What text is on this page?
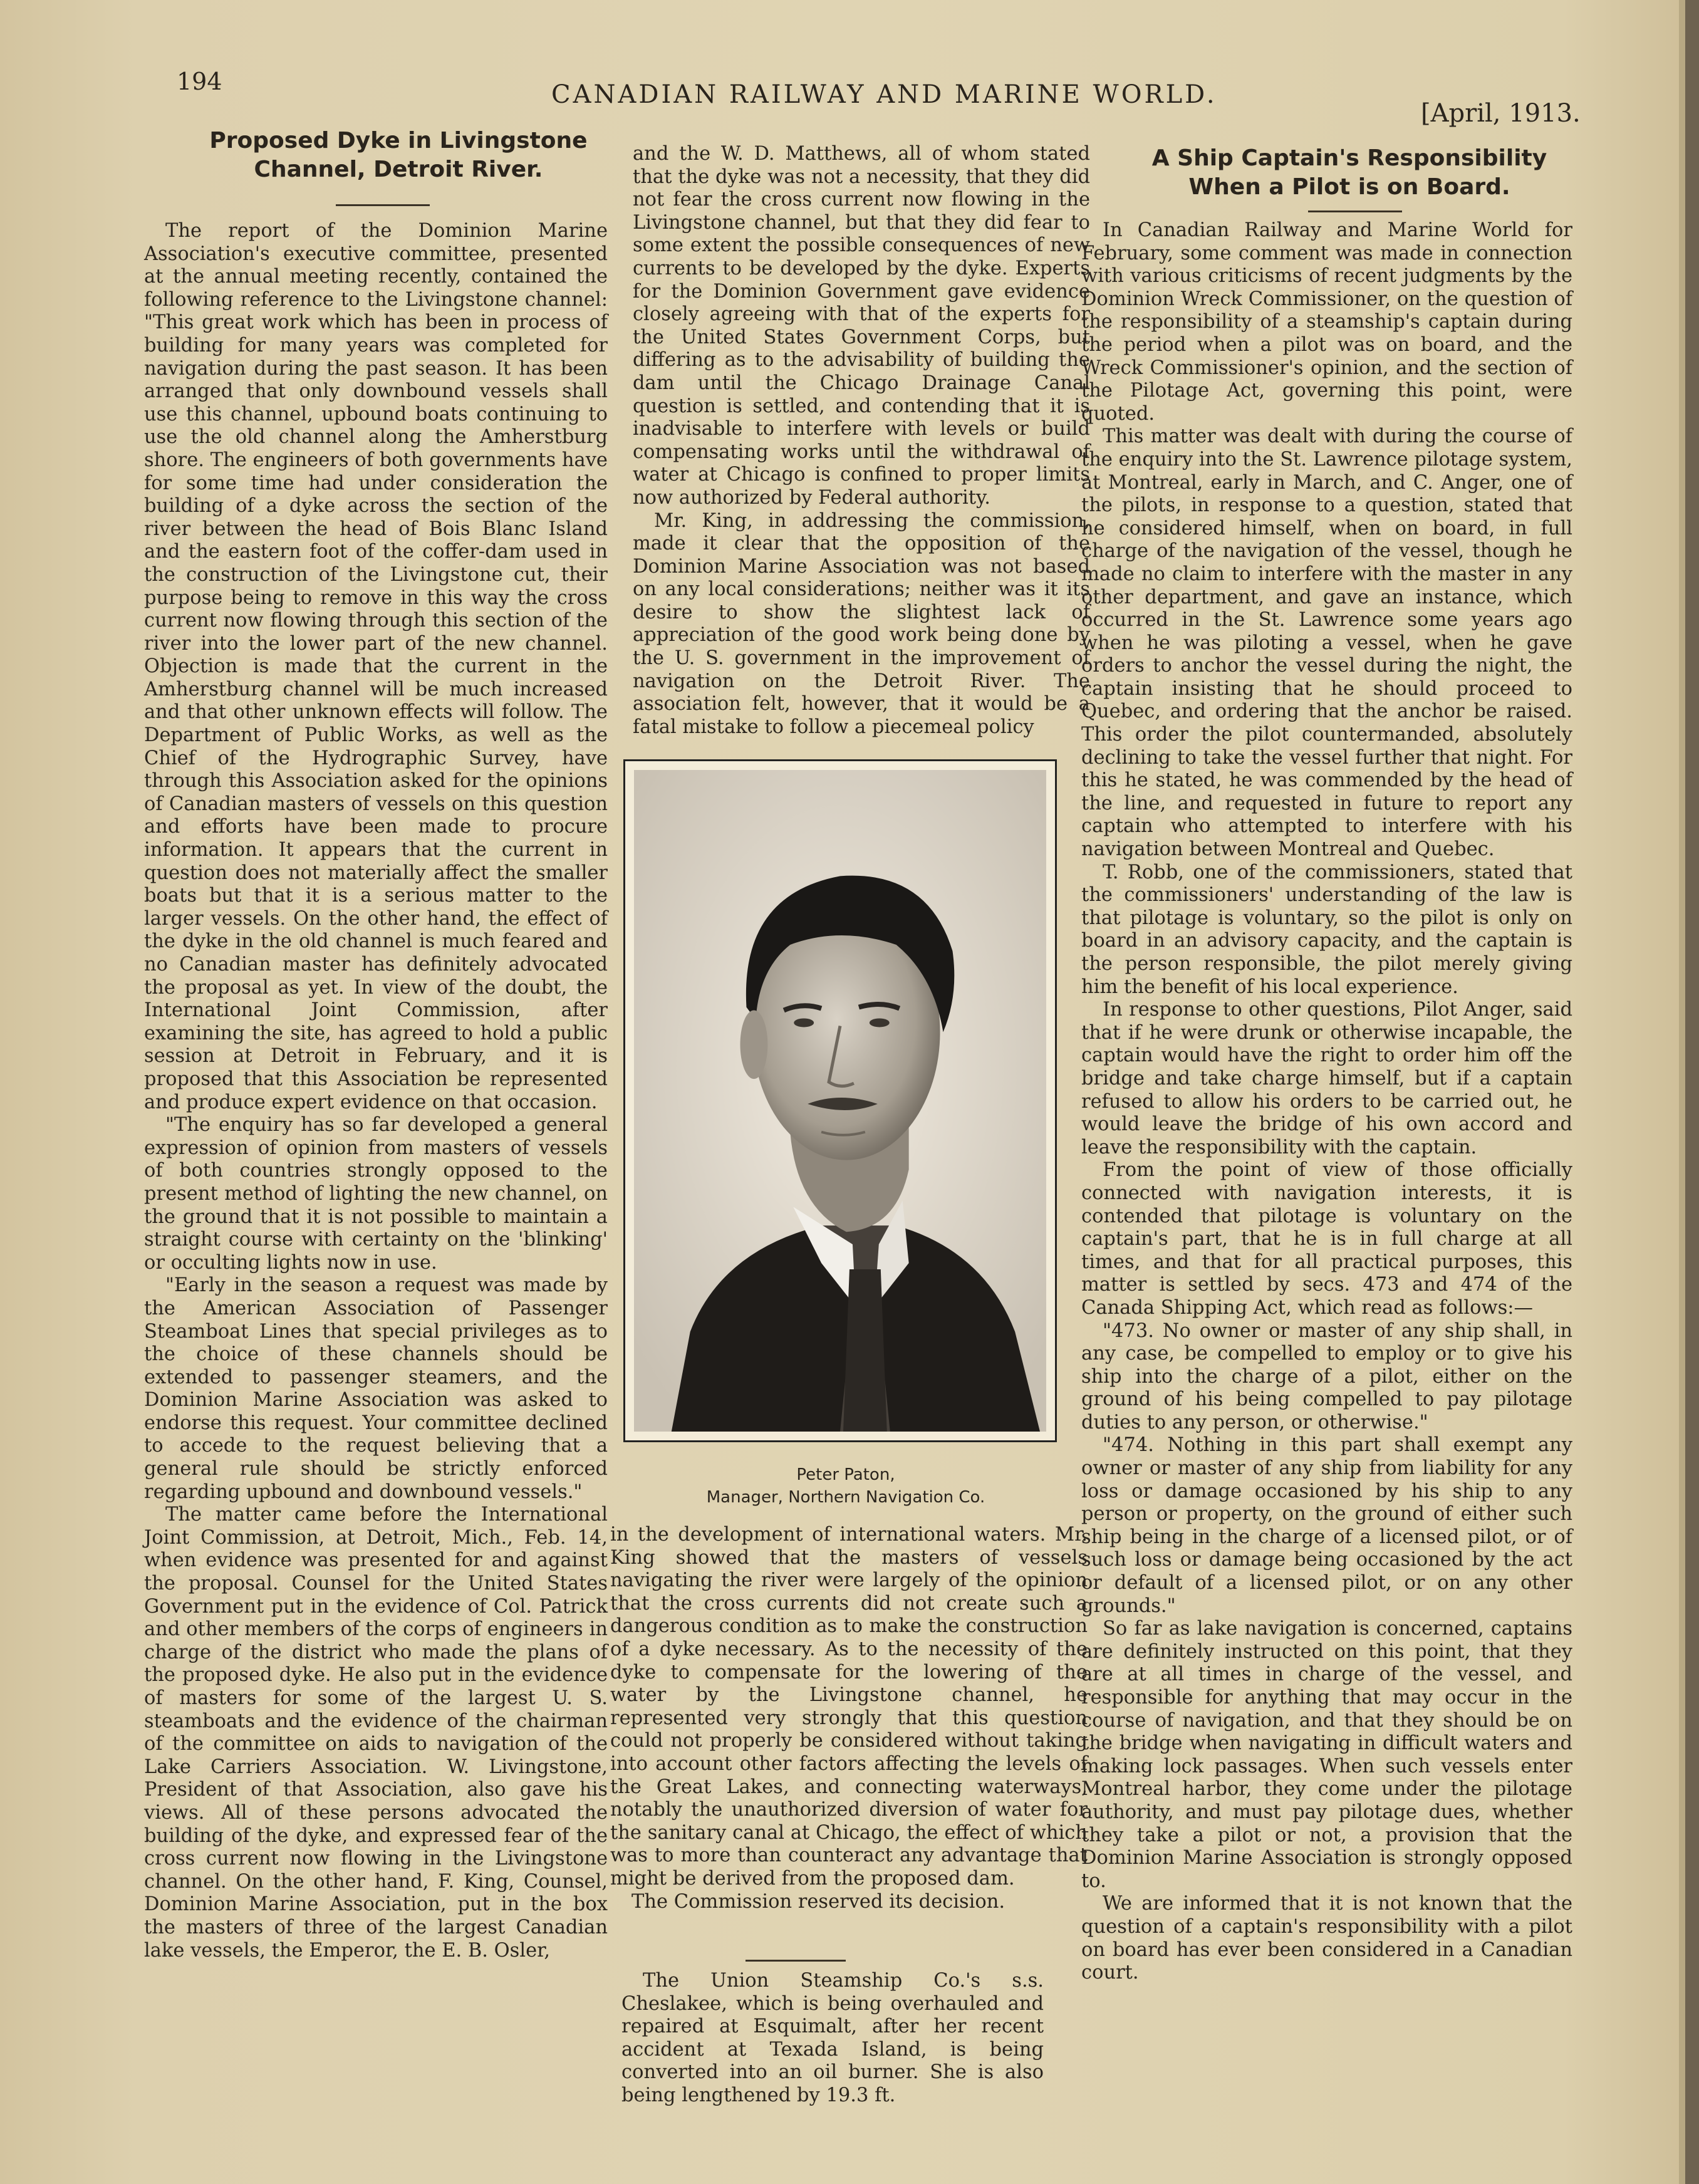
194	CANADIAN RAILWAY AND MARINE WORLD.
[April, 1913.
Proposed Dyke in Livingstone Channel, Detroit River.

The report of the Dominion Marine Association's executive committee, presented at the annual meeting recently, contained the following reference to the Livingstone channel: "This great work which has been in process of building for many years was completed for navigation during the past season. It has been arranged that only downbound vessels shall use this channel, upbound boats continuing to use the old channel along the Amherstburg shore. The engineers of both governments have for some time had under consideration the building of a dyke across the section of the river between the head of Bois Blanc Island and the eastern foot of the coffer-dam used in the construction of the Livingstone cut, their purpose being to remove in this way the cross current now flowing through this section of the river into the lower part of the new channel. Objection is made that the current in the Amherstburg channel will be much increased and that other unknown effects will follow. The Department of Public Works, as well as the Chief of the Hydrographic Survey, have through this Association asked for the opinions of Canadian masters of vessels on this question and efforts have been made to procure information. It appears that the current in question does not materially affect the smaller boats but that it is a serious matter to the larger vessels. On the other hand, the effect of the dyke in the old channel is much feared and no Canadian master has definitely advocated the proposal as yet. In view of the doubt, the International Joint Commission, after examining the site, has agreed to hold a public session at Detroit in February, and it is proposed that this Association be represented and produce expert evidence on that occasion.

"The enquiry has so far developed a general expression of opinion from masters of vessels of both countries strongly opposed to the present method of lighting the new channel, on the ground that it is not possible to maintain a straight course with certainty on the 'blinking' or occulting lights now in use.

"Early in the season a request was made by the American Association of Passenger Steamboat Lines that special privileges as to the choice of these channels should be extended to passenger steamers, and the Dominion Marine Association was asked to endorse this request. Your committee declined to accede to the request believing that a general rule should be strictly enforced regarding upbound and downbound vessels."

The matter came before the International Joint Commission, at Detroit, Mich., Feb. 14, when evidence was presented for and against the proposal. Counsel for the United States Government put in the evidence of Col. Patrick and other members of the corps of engineers in charge of the district who made the plans of the proposed dyke. He also put in the evidence of masters for some of the largest U. S. steamboats and the evidence of the chairman of the committee on aids to navigation of the Lake Carriers Association. W. Livingstone, President of that Association, also gave his views. All of these persons advocated the building of the dyke, and expressed fear of the cross current now flowing in the Livingstone channel. On the other hand, F. King, Counsel, Dominion Marine Association, put in the box the masters of three of the largest Canadian lake vessels, the Emperor, the E. B. Osler,

and the W. D. Matthews, all of whom stated that the dyke was not a necessity, that they did not fear the cross current now flowing in the Livingstone channel, but that they did fear to some extent the possible consequences of new currents to be developed by the dyke. Experts for the Dominion Government gave evidence closely agreeing with that of the experts for the United States Government Corps, but differing as to the advisability of building the dam until the Chicago Drainage Canal question is settled, and contending that it is inadvisable to interfere with levels or build compensating works until the withdrawal of water at Chicago is confined to proper limits now authorized by Federal authority.

Mr. King, in addressing the commission, made it clear that the opposition of the Dominion Marine Association was not based on any local considerations; neither was it its desire to show the slightest lack of appreciation of the good work being done by the U. S. government in the improvement of navigation on the Detroit River. The association felt, however, that it would be a fatal mistake to follow a piecemeal policy

Peter Paton,
Manager, Northern Navigation Co.

in the development of international waters. Mr. King showed that the masters of vessels navigating the river were largely of the opinion that the cross currents did not create such a dangerous condition as to make the construction of a dyke necessary. As to the necessity of the dyke to compensate for the lowering of the water by the Livingstone channel, he represented very strongly that this question could not properly be considered without taking into account other factors affecting the levels of the Great Lakes, and connecting waterways, notably the unauthorized diversion of water for the sanitary canal at Chicago, the effect of which was to more than counteract any advantage that might be derived from the proposed dam.

The Commission reserved its decision.

The Union Steamship Co.'s s.s. Cheslakee, which is being overhauled and repaired at Esquimalt, after her recent accident at Texada Island, is being converted into an oil burner. She is also being lengthened by 19.3 ft.

A Ship Captain's Responsibility When a Pilot is on Board.

In Canadian Railway and Marine World for February, some comment was made in connection with various criticisms of recent judgments by the Dominion Wreck Commissioner, on the question of the responsibility of a steamship's captain during the period when a pilot was on board, and the Wreck Commissioner's opinion, and the section of the Pilotage Act, governing this point, were quoted.

This matter was dealt with during the course of the enquiry into the St. Lawrence pilotage system, at Montreal, early in March, and C. Anger, one of the pilots, in response to a question, stated that he considered himself, when on board, in full charge of the navigation of the vessel, though he made no claim to interfere with the master in any other department, and gave an instance, which occurred in the St. Lawrence some years ago when he was piloting a vessel, when he gave orders to anchor the vessel during the night, the captain insisting that he should proceed to Quebec, and ordering that the anchor be raised. This order the pilot countermanded, absolutely declining to take the vessel further that night. For this he stated, he was commended by the head of the line, and requested in future to report any captain who attempted to interfere with his navigation between Montreal and Quebec.

T. Robb, one of the commissioners, stated that the commissioners' understanding of the law is that pilotage is voluntary, so the pilot is only on board in an advisory capacity, and the captain is the person responsible, the pilot merely giving him the benefit of his local experience.

In response to other questions, Pilot Anger, said that if he were drunk or otherwise incapable, the captain would have the right to order him off the bridge and take charge himself, but if a captain refused to allow his orders to be carried out, he would leave the bridge of his own accord and leave the responsibility with the captain.

From the point of view of those officially connected with navigation interests, it is contended that pilotage is voluntary on the captain's part, that he is in full charge at all times, and that for all practical purposes, this matter is settled by secs. 473 and 474 of the Canada Shipping Act, which read as follows:—

"473. No owner or master of any ship shall, in any case, be compelled to employ or to give his ship into the charge of a pilot, either on the ground of his being compelled to pay pilotage duties to any person, or otherwise."

"474. Nothing in this part shall exempt any owner or master of any ship from liability for any loss or damage occasioned by his ship to any person or property, on the ground of either such ship being in the charge of a licensed pilot, or of such loss or damage being occasioned by the act or default of a licensed pilot, or on any other grounds."

So far as lake navigation is concerned, captains are definitely instructed on this point, that they are at all times in charge of the vessel, and responsible for anything that may occur in the course of navigation, and that they should be on the bridge when navigating in difficult waters and making lock passages. When such vessels enter Montreal harbor, they come under the pilotage authority, and must pay pilotage dues, whether they take a pilot or not, a provision that the Dominion Marine Association is strongly opposed to.

We are informed that it is not known that the question of a captain's responsibility with a pilot on board has ever been considered in a Canadian court.
